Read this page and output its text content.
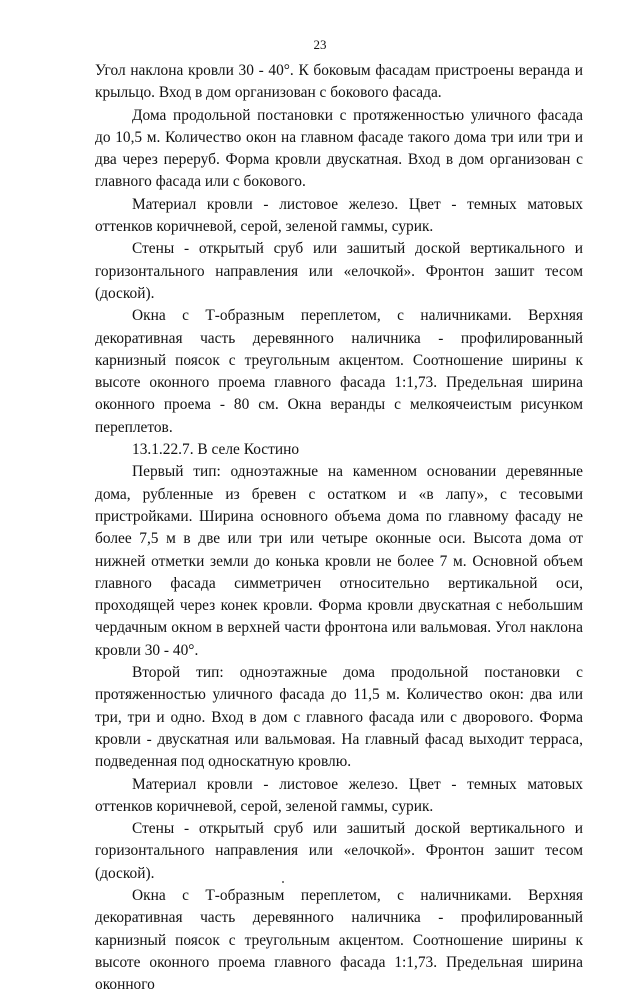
23

Угол наклона кровли 30 - 40°. К боковым фасадам пристроены веранда и крыльцо. Вход в дом организован с бокового фасада.

Дома продольной постановки с протяженностью уличного фасада до 10,5 м. Количество окон на главном фасаде такого дома три или три и два через переруб. Форма кровли двускатная. Вход в дом организован с главного фасада или с бокового.

Материал кровли - листовое железо. Цвет - темных матовых оттенков коричневой, серой, зеленой гаммы, сурик.

Стены - открытый сруб или зашитый доской вертикального и горизонтального направления или «елочкой». Фронтон зашит тесом (доской).

Окна с Т-образным переплетом, с наличниками. Верхняя декоративная часть деревянного наличника - профилированный карнизный поясок с треугольным акцентом. Соотношение ширины к высоте оконного проема главного фасада 1:1,73. Предельная ширина оконного проема - 80 см. Окна веранды с мелкоячеистым рисунком переплетов.

13.1.22.7. В селе Костино

Первый тип: одноэтажные на каменном основании деревянные дома, рубленные из бревен с остатком и «в лапу», с тесовыми пристройками. Ширина основного объема дома по главному фасаду не более 7,5 м в две или три или четыре оконные оси. Высота дома от нижней отметки земли до конька кровли не более 7 м. Основной объем главного фасада симметричен относительно вертикальной оси, проходящей через конек кровли. Форма кровли двускатная с небольшим чердачным окном в верхней части фронтона или вальмовая. Угол наклона кровли 30 - 40°.

Второй тип: одноэтажные дома продольной постановки с протяженностью уличного фасада до 11,5 м. Количество окон: два или три, три и одно. Вход в дом с главного фасада или с дворового. Форма кровли - двускатная или вальмовая. На главный фасад выходит терраса, подведенная под односкатную кровлю.

Материал кровли - листовое железо. Цвет - темных матовых оттенков коричневой, серой, зеленой гаммы, сурик.

Стены - открытый сруб или зашитый доской вертикального и горизонтального направления или «елочкой». Фронтон зашит тесом (доской).

Окна с Т-образным переплетом, с наличниками. Верхняя декоративная часть деревянного наличника - профилированный карнизный поясок с треугольным акцентом. Соотношение ширины к высоте оконного проема главного фасада 1:1,73. Предельная ширина оконного
